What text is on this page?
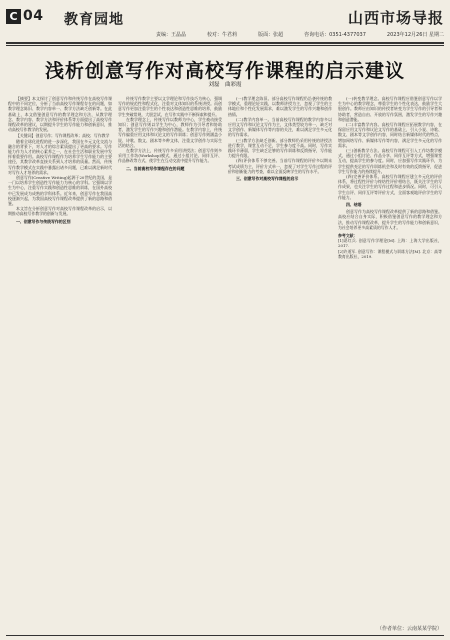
C 04 教育园地	山西市场导报
责编：王晶晶	校对：牛君莉	版面：张超	咨询电话：0351-4377037	2023年12月26日 星期二
浅析创意写作对高校写作课程的启示建议
刘磊　曲彩霞

【摘要】本文探讨了创意写作和传统写作在高校写作课程中的不同定位，分析了当前高校写作课程存在的问题，如教学理念陈旧、教学内容单一、教学方法缺乏创新等。在此基础上，本文借鉴创意写作的教学理念和方法，从教学理念、教学内容、教学方法和评价体系等方面提出了高校写作课程改革的建议，以期提升学生的写作能力和创新意识，推动高校写作教学的发展。

【关键词】创意写作；写作课程改革；高校；写作教学

随着全球化进程的进一步深化，我国在多元文化交流与融合的背景下，对人才的综合素质提出了更高的要求。写作能力作为人才的核心素养之一，在社会生活和职业发展中发挥着重要作用。高校写作课程作为培养学生写作能力的主要途径，其教学改革直接关系到人才培养的质量。然而，传统写作教学模式在实践中暴露出诸多问题，已难以满足新时代对写作人才培养的需求。

创意写作(Creative Writing)起源于20世纪的美国，是一门以培养学生创造性写作能力为核心的学科。它强调以学生为中心，注重写作实践和创造性思维的训练，在国外高校中已发展成为成熟的学科体系。近年来，创意写作在我国高校逐渐兴起，为我国高校写作课程改革提供了新的思路和借鉴。

本文旨在分析创意写作对高校写作课程改革的启示，以期推动高校写作教学的创新与发展。

一、创意写作与传统写作的区别

传统写作教学主要以文学理论和写作技巧为核心，强调写作的规范性和程式化，注重对文体知识的系统讲授。而创意写作更加注重学生的个性表达和创造性思维的培养，鼓励学生突破常规，大胆尝试，在写作实践中不断探索和提升。

在教学理念上，传统写作以教师为中心，学生被动接受知识；创意写作则以学生为中心，教师作为引导者和协助者，激发学生的写作兴趣和创作潜能。在教学内容上，传统写作偏重应用文体和议论文的写作训练；创意写作则涵盖小说、诗歌、散文、剧本等多种文体，注重文学创作与实际生活的结合。

在教学方法上，传统写作多采用讲授法；创意写作则多采用工作坊(Workshop)模式，通过小组讨论、同伴互评、作品修改等方式，使学生在互动交流中提升写作能力。

二、当前高校写作课程存在的问题

(一)教学理念陈旧。部分高校写作课程仍沿袭传统的教学模式，重理论轻实践，以教师讲授为主，忽视了学生的主体地位和个性化发展需求，难以激发学生的写作兴趣和创作热情。

(二)教学内容单一。当前高校写作课程的教学内容多以应用文写作和议论文写作为主，文体类型较为单一，缺乏对文学创作、新媒体写作等内容的关注，难以满足学生多元化的写作需求。

(三)教学方法缺乏创新。部分教师仍采用传统的讲授法进行教学，课堂互动不足，学生参与度不高。同时，写作实践环节薄弱，学生缺乏足够的写作训练和反馈指导，写作能力提升有限。

(四)评价体系不够完善。当前写作课程的评价多以期末考试成绩为主，评价方式单一，忽视了对学生写作过程的评价和创新能力的考查，难以全面反映学生的写作水平。

三、创意写作对高校写作课程的启示

(一)转变教学理念。高校写作课程应借鉴创意写作以学生为中心的教学理念，尊重学生的个性化表达，鼓励学生大胆创作。教师应由知识的传授者转变为学生写作的引导者和协助者，营造自由、开放的写作氛围，激发学生的写作兴趣和创造潜能。

(二)丰富教学内容。高校写作课程应拓展教学内容，在保留应用文写作和议论文写作的基础上，引入小说、诗歌、散文、剧本等文学创作内容，同时结合新媒体时代的特点，增加网络写作、新媒体写作等内容，满足学生多元化的写作需求。

(三)创新教学方法。高校写作课程可引入工作坊教学模式，通过小组讨论、作品分享、同伴互评等方式，增强课堂互动，提高学生的参与度。同时，应加强写作实践环节，为学生提供充足的写作训练机会和及时有效的反馈指导，促进学生写作能力的持续提升。

(四)完善评价体系。高校写作课程应建立多元化的评价体系，将过程性评价与终结性评价相结合，既关注学生的写作成果，也关注学生的写作过程和进步情况。同时，可引入学生自评、同伴互评等评价方式，全面客观地评价学生的写作能力。

四、结语

创意写作为高校写作课程改革提供了新的思路和借鉴。高校应结合自身实际，积极借鉴创意写作的教学理念和方法，推动写作课程改革，提升学生的写作能力和创新意识，为社会培养更多高素质的写作人才。

参考文献：

[1]葛红兵. 创意写作学理论[M]. 上海：上海大学出版社，2017.

[2]许道军. 创意写作：课程模式与训练方法[M]. 北京：高等教育出版社，2019.

（作者单位：云南某某学院）
